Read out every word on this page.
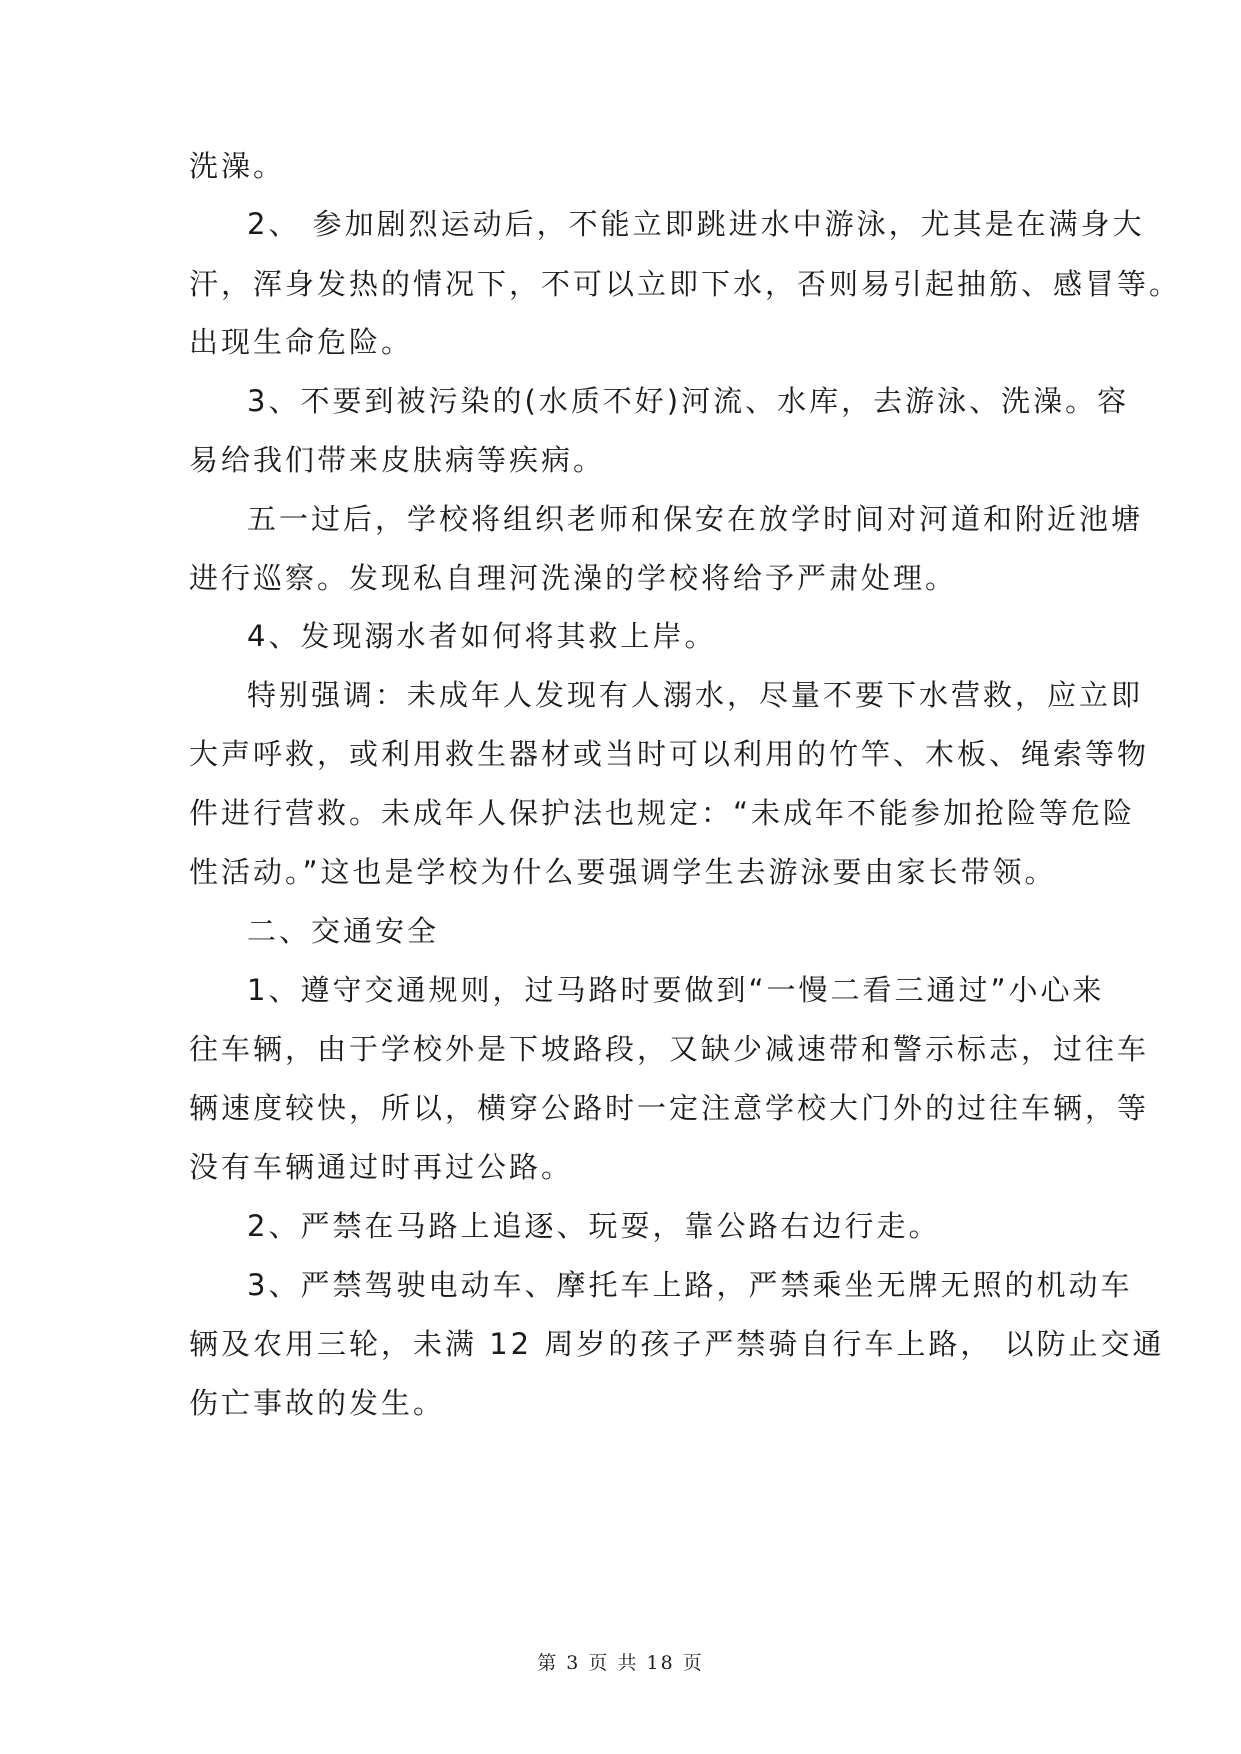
洗澡。
2、 参加剧烈运动后，不能立即跳进水中游泳，尤其是在满身大
汗，浑身发热的情况下，不可以立即下水，否则易引起抽筋、感冒等。
出现生命危险。
3、不要到被污染的(水质不好)河流、水库，去游泳、洗澡。容
易给我们带来皮肤病等疾病。
五一过后，学校将组织老师和保安在放学时间对河道和附近池塘
进行巡察。发现私自理河洗澡的学校将给予严肃处理。
4、发现溺水者如何将其救上岸。
特别强调：未成年人发现有人溺水，尽量不要下水营救，应立即
大声呼救，或利用救生器材或当时可以利用的竹竿、木板、绳索等物
件进行营救。未成年人保护法也规定：“未成年不能参加抢险等危险
性活动。”这也是学校为什么要强调学生去游泳要由家长带领。
二、交通安全
1、遵守交通规则，过马路时要做到“一慢二看三通过”小心来
往车辆，由于学校外是下坡路段，又缺少减速带和警示标志，过往车
辆速度较快，所以，横穿公路时一定注意学校大门外的过往车辆，等
没有车辆通过时再过公路。
2、严禁在马路上追逐、玩耍，靠公路右边行走。
3、严禁驾驶电动车、摩托车上路，严禁乘坐无牌无照的机动车
辆及农用三轮，未满 12 周岁的孩子严禁骑自行车上路， 以防止交通
伤亡事故的发生。
第 3 页 共 18 页
